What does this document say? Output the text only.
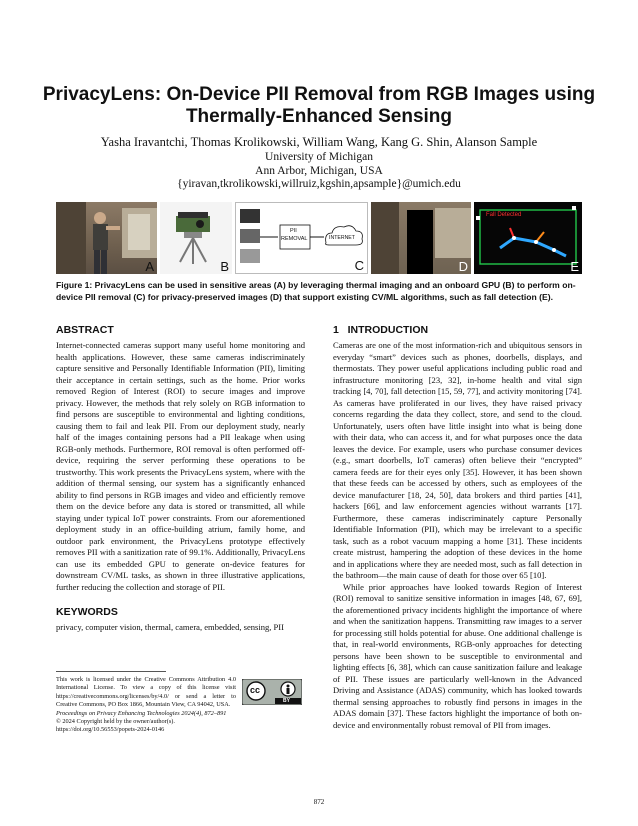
PrivacyLens: On-Device PII Removal from RGB Images using
Thermally-Enhanced Sensing
Yasha Iravantchi, Thomas Krolikowski, William Wang, Kang G. Shin, Alanson Sample
University of Michigan
Ann Arbor, Michigan, USA
{yiravan,tkrolikowski,willruiz,kgshin,apsample}@umich.edu
A	B
PII
REMOVAL	INTERNET
C	D
Fall Detected
E
Figure 1: PrivacyLens can be used in sensitive areas (A) by leveraging thermal imaging and an onboard GPU (B) to perform on-device PII removal (C) for privacy-preserved images (D) that support existing CV/ML algorithms, such as fall detection (E).
ABSTRACT

Internet-connected cameras support many useful home monitoring and health applications. However, these same cameras indiscriminately capture sensitive and Personally Identifiable Information (PII), limiting their acceptance in certain settings, such as the home. Prior works removed Region of Interest (ROI) to secure images and improve privacy. However, the methods that rely solely on RGB information to find persons are susceptible to environmental and lighting conditions, causing them to fail and leak PII. From our deployment study, nearly half of the images containing persons had a PII leakage when using RGB-only methods. Furthermore, ROI removal is often performed off-device, requiring the server performing these operations to be trustworthy. This work presents the PrivacyLens system, where with the addition of thermal sensing, our system has a significantly enhanced ability to find persons in RGB images and video and efficiently remove them on the device before any data is stored or transmitted, all while staying under typical IoT power constraints. From our aforementioned deployment study in an office-building atrium, family home, and outdoor park environment, the PrivacyLens prototype effectively removes PII with a sanitization rate of 99.1%. Additionally, PrivacyLens can use its embedded GPU to generate on-device features for downstream CV/ML tasks, as shown in three illustrative applications, further reducing the collection and storage of PII.

KEYWORDS

privacy, computer vision, thermal, camera, embedded, sensing, PII

This work is licensed under the Creative Commons Attribution 4.0 International License. To view a copy of this license visit https://creativecommons.org/licenses/by/4.0/ or send a letter to Creative Commons, PO Box 1866, Mountain View, CA 94042, USA.
Proceedings on Privacy Enhancing Technologies 2024(4), 872–891
© 2024 Copyright held by the owner/author(s).
https://doi.org/10.56553/popets-2024-0146
cc
BY
1 INTRODUCTION

Cameras are one of the most information-rich and ubiquitous sensors in everyday “smart” devices such as phones, doorbells, displays, and thermostats. They power useful applications including public road and infrastructure monitoring [23, 32], in-home health and vital sign tracking [4, 70], fall detection [15, 59, 77], and activity monitoring [74]. As cameras have proliferated in our lives, they have raised privacy concerns regarding the data they collect, store, and send to the cloud. Unfortunately, users often have little insight into what is being done with their data, who can access it, and for what purposes once the data leaves the device. For example, users who purchase consumer devices (e.g., smart doorbells, IoT cameras) often believe their “encrypted” camera feeds are for their eyes only [35]. However, it has been shown that these feeds can be accessed by others, such as employees of the device manufacturer [18, 24, 50], data brokers and third parties [41], hackers [66], and law enforcement agencies without warrants [17]. Furthermore, these cameras indiscriminately capture Personally Identifiable Information (PII), which may be irrelevant to a specific task, such as a robot vacuum mapping a home [31]. These incidents create mistrust, hampering the adoption of these devices in the home and in applications where they are needed most, such as fall detection in the bathroom—the main cause of death for those over 65 [10].

While prior approaches have looked towards Region of Interest (ROI) removal to sanitize sensitive information in images [48, 67, 69], the aforementioned privacy incidents highlight the importance of where and when the sanitization happens. Transmitting raw images to a server for processing still holds potential for abuse. One additional challenge is that, in real-world environments, RGB-only approaches for detecting persons have been shown to be susceptible to environmental and lighting effects [6, 38], which can cause sanitization failure and leakage of PII. These issues are particularly well-known in the Advanced Driving and Assistance (ADAS) community, which has looked towards thermal sensing approaches to robustly find persons in images in the ADAS domain [37]. These factors highlight the importance of both on-device and environmentally robust removal of PII from images.

872
